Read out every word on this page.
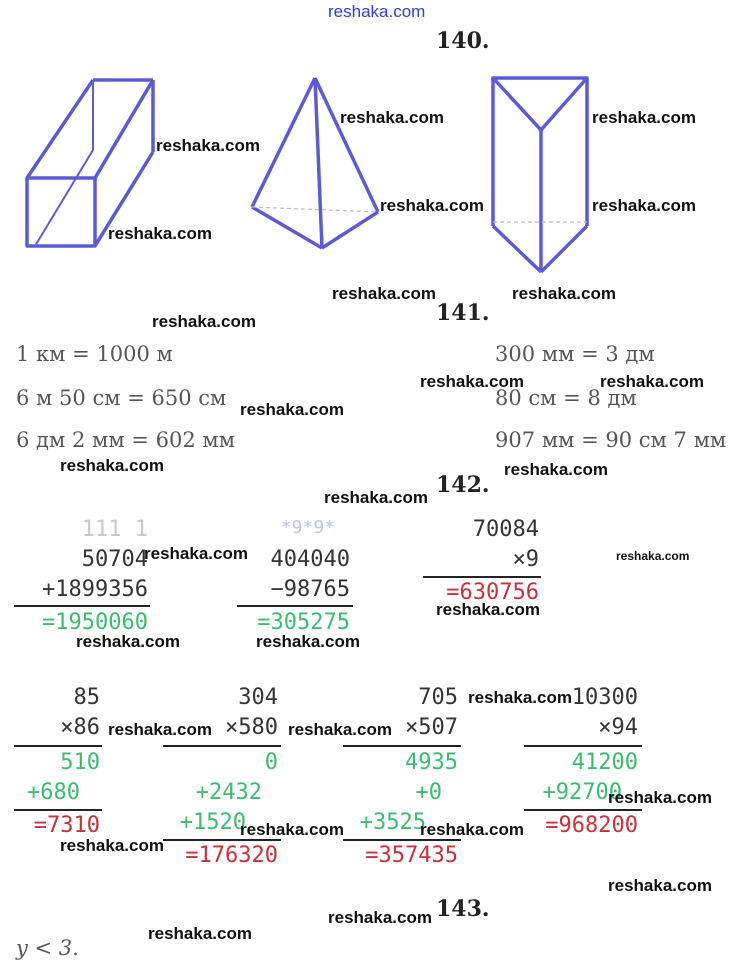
reshaka.com
140.
141.
142.
143.
1 км = 1000 м
6 м 50 см = 650 см
6 дм 2 мм = 602 мм
300 мм = 3 дм
80 см = 8 дм
907 мм = 90 см 7 мм
111 1
50704
+1899356
=1950060
*9*9*
404040
−98765
=305275
70084
×9
=630756
85
×86
510
+680
=7310
304
×580
0
+2432
+1520
=176320
705
×507
4935
+0
+3525
=357435
10300
×94
41200
+92700
=968200
y < 3.
reshaka.com
reshaka.com
reshaka.com
reshaka.com
reshaka.com
reshaka.com
reshaka.com	reshaka.com
reshaka.com
reshaka.com	reshaka.com
reshaka.com
reshaka.com	reshaka.com
reshaka.com
reshaka.com	reshaka.com
reshaka.com
reshaka.com	reshaka.com
reshaka.com
reshaka.com	reshaka.com
reshaka.com
reshaka.com	reshaka.com
reshaka.com
reshaka.com
reshaka.com
reshaka.com
